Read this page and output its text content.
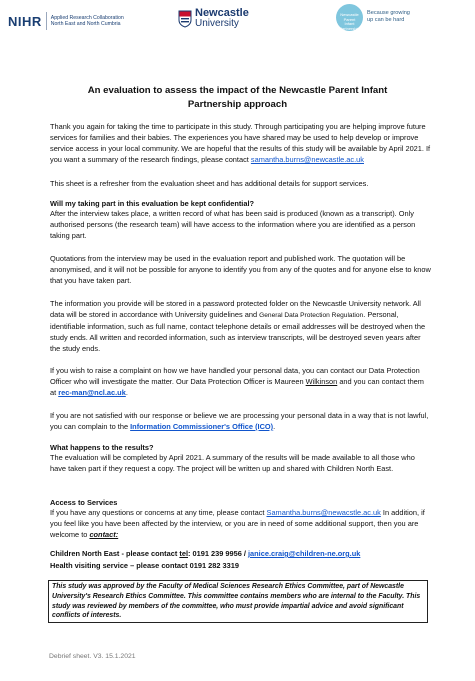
NIHR Applied Research Collaboration
North East and North Cumbria
Newcastle
University
Newcastle Parent Infant Partnership
Because growing
up can be hard
An evaluation to assess the impact of the Newcastle Parent Infant
Partnership approach

Thank you again for taking the time to participate in this study. Through participating you are helping improve future services for families and their babies. The experiences you have shared may be used to help develop or improve service access in your local community. We are hopeful that the results of this study will be available by April 2021. If you want a summary of the research findings, please contact samantha.burns@newcastle.ac.uk

This sheet is a refresher from the evaluation sheet and has additional details for support services.

Will my taking part in this evaluation be kept confidential?

After the interview takes place, a written record of what has been said is produced (known as a transcript). Only authorised persons (the research team) will have access to the information where you are identified as a person taking part.

Quotations from the interview may be used in the evaluation report and published work. The quotation will be anonymised, and it will not be possible for anyone to identify you from any of the quotes and for anyone else to know that you have taken part.

The information you provide will be stored in a password protected folder on the Newcastle University network. All data will be stored in accordance with University guidelines and General Data Protection Regulation. Personal, identifiable information, such as full name, contact telephone details or email addresses will be destroyed when the study ends. All written and recorded information, such as interview transcripts, will be destroyed seven years after the study ends.

If you wish to raise a complaint on how we have handled your personal data, you can contact our Data Protection Officer who will investigate the matter. Our Data Protection Officer is Maureen Wilkinson and you can contact them at rec-man@ncl.ac.uk.

If you are not satisfied with our response or believe we are processing your personal data in a way that is not lawful, you can complain to the Information Commissioner's Office (ICO).

What happens to the results?

The evaluation will be completed by April 2021. A summary of the results will be made available to all those who have taken part if they request a copy. The project will be written up and shared with Children North East.

Access to Services

If you have any questions or concerns at any time, please contact Samantha.burns@newacstle.ac.uk In addition, if you feel like you have been affected by the interview, or you are in need of some additional support, then you are welcome to contact:

Children North East - please contact tel: 0191 239 9956 / janice.craig@children-ne.org.uk

Health visiting service – please contact 0191 282 3319

This study was approved by the Faculty of Medical Sciences Research Ethics Committee, part of Newcastle University's Research Ethics Committee. This committee contains members who are internal to the Faculty. This study was reviewed by members of the committee, who must provide impartial advice and avoid significant conflicts of interests.

Debrief sheet. V3. 15.1.2021
